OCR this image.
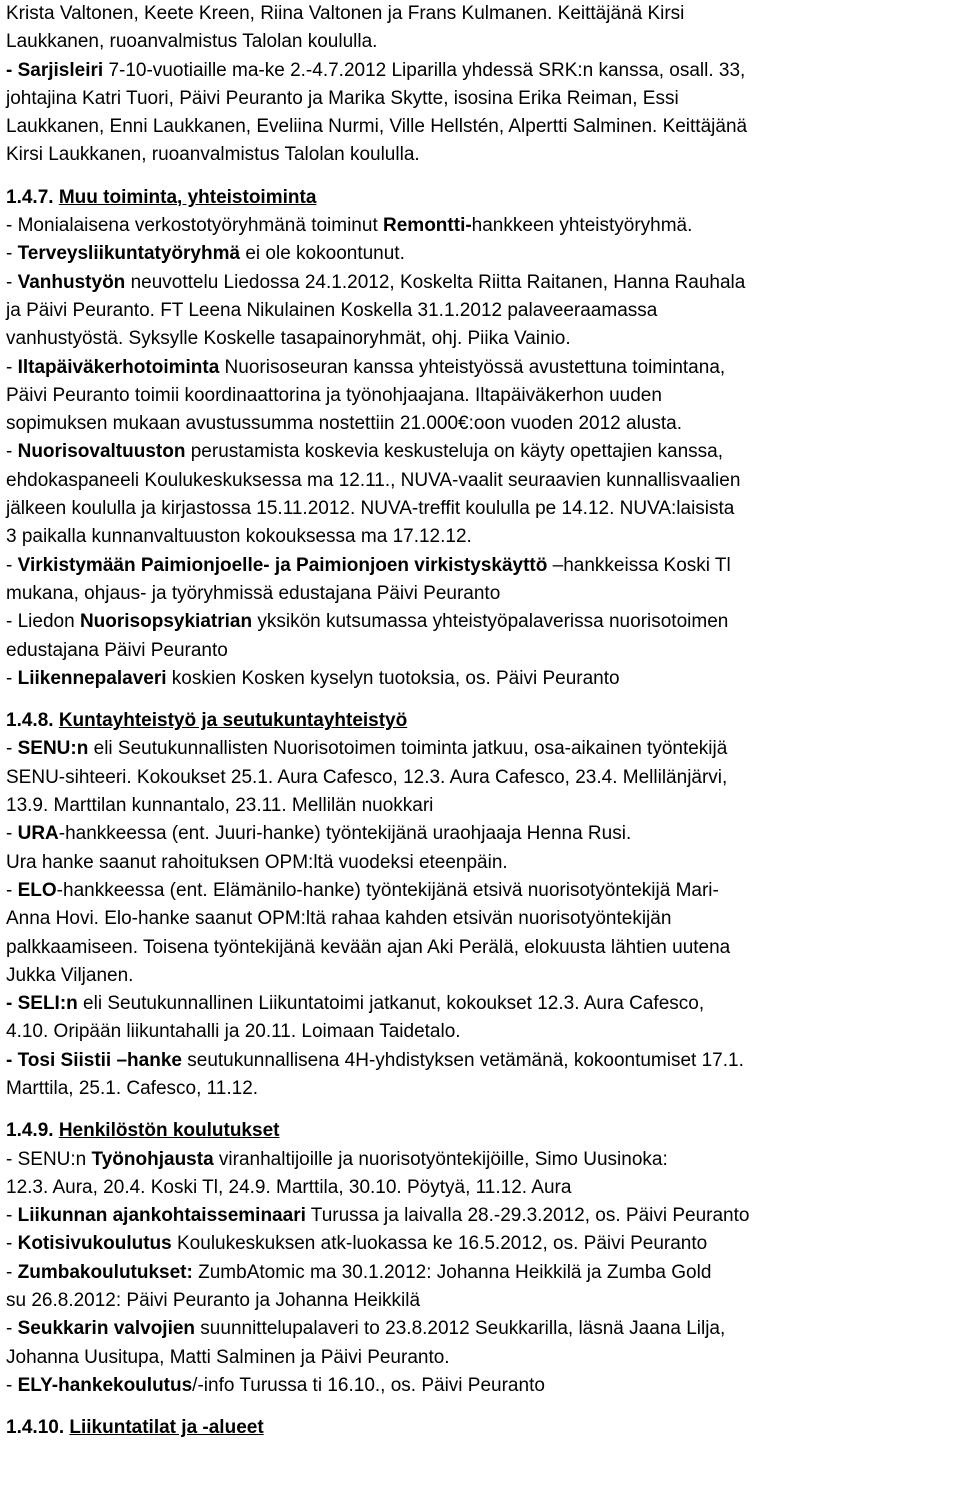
Krista Valtonen, Keete Kreen, Riina Valtonen ja Frans Kulmanen. Keittäjänä Kirsi
Laukkanen, ruoanvalmistus Talolan koululla.
- Sarjisleiri 7-10-vuotiaille ma-ke 2.-4.7.2012 Liparilla yhdessä SRK:n kanssa, osall. 33,
johtajina Katri Tuori, Päivi Peuranto ja Marika Skytte, isosina Erika Reiman, Essi
Laukkanen, Enni Laukkanen, Eveliina Nurmi, Ville Hellstén, Alpertti Salminen. Keittäjänä
Kirsi Laukkanen, ruoanvalmistus Talolan koululla.
1.4.7. Muu toiminta, yhteistoiminta
- Monialaisena verkostotyöryhmänä toiminut Remontti-hankkeen yhteistyöryhmä.
- Terveysliikuntatyöryhmä ei ole kokoontunut.
- Vanhustyön neuvottelu Liedossa 24.1.2012, Koskelta Riitta Raitanen, Hanna Rauhala
ja Päivi Peuranto. FT Leena Nikulainen Koskella 31.1.2012 palaveeraamassa
vanhustyöstä. Syksylle Koskelle tasapainoryhmät, ohj. Piika Vainio.
- Iltapäiväkerhotoiminta Nuorisoseuran kanssa yhteistyössä avustettuna toimintana,
Päivi Peuranto toimii koordinaattorina ja työnohjaajana. Iltapäiväkerhon uuden
sopimuksen mukaan avustussumma nostettiin 21.000€:oon vuoden 2012 alusta.
- Nuorisovaltuuston perustamista koskevia keskusteluja on käyty opettajien kanssa,
ehdokaspaneeli Koulukeskuksessa ma 12.11., NUVA-vaalit seuraavien kunnallisvaalien
jälkeen koululla ja kirjastossa 15.11.2012. NUVA-treffit koululla pe 14.12. NUVA:laisista
3 paikalla kunnanvaltuuston kokouksessa ma 17.12.12.
- Virkistymään Paimionjoelle- ja Paimionjoen virkistyskäyttö –hankkeissa Koski Tl
mukana, ohjaus- ja työryhmissä edustajana Päivi Peuranto
- Liedon Nuorisopsykiatrian yksikön kutsumassa yhteistyöpalaverissa nuorisotoimen
edustajana Päivi Peuranto
- Liikennepalaveri koskien Kosken kyselyn tuotoksia, os. Päivi Peuranto
1.4.8. Kuntayhteistyö ja seutukuntayhteistyö
- SENU:n eli Seutukunnallisten Nuorisotoimen toiminta jatkuu, osa-aikainen työntekijä
SENU-sihteeri. Kokoukset 25.1. Aura Cafesco, 12.3. Aura Cafesco, 23.4. Mellilänjärvi,
13.9. Marttilan kunnantalo, 23.11. Mellilän nuokkari
- URA-hankkeessa (ent. Juuri-hanke) työntekijänä uraohjaaja Henna Rusi.
Ura hanke saanut rahoituksen OPM:ltä vuodeksi eteenpäin.
- ELO-hankkeessa (ent. Elämänilo-hanke) työntekijänä etsivä nuorisotyöntekijä Mari-
Anna Hovi. Elo-hanke saanut OPM:ltä rahaa kahden etsivän nuorisotyöntekijän
palkkaamiseen. Toisena työntekijänä kevään ajan Aki Perälä, elokuusta lähtien uutena
Jukka Viljanen.
- SELI:n eli Seutukunnallinen Liikuntatoimi jatkanut, kokoukset 12.3. Aura Cafesco,
4.10. Oripään liikuntahalli ja 20.11. Loimaan Taidetalo.
- Tosi Siistii –hanke seutukunnallisena 4H-yhdistyksen vetämänä, kokoontumiset 17.1.
Marttila, 25.1. Cafesco, 11.12.
1.4.9. Henkilöstön koulutukset
- SENU:n Työnohjausta viranhaltijoille ja nuorisotyöntekijöille, Simo Uusinoka:
12.3. Aura, 20.4. Koski Tl, 24.9. Marttila, 30.10. Pöytyä, 11.12. Aura
- Liikunnan ajankohtaisseminaari Turussa ja laivalla 28.-29.3.2012, os. Päivi Peuranto
- Kotisivukoulutus Koulukeskuksen atk-luokassa ke 16.5.2012, os. Päivi Peuranto
- Zumbakoulutukset: ZumbAtomic ma 30.1.2012: Johanna Heikkilä ja Zumba Gold
su 26.8.2012: Päivi Peuranto ja Johanna Heikkilä
- Seukkarin valvojien suunnittelupalaveri to 23.8.2012 Seukkarilla, läsnä Jaana Lilja,
Johanna Uusitupa, Matti Salminen ja Päivi Peuranto.
- ELY-hankekoulutus/-info Turussa ti 16.10., os. Päivi Peuranto
1.4.10. Liikuntatilat ja -alueet
